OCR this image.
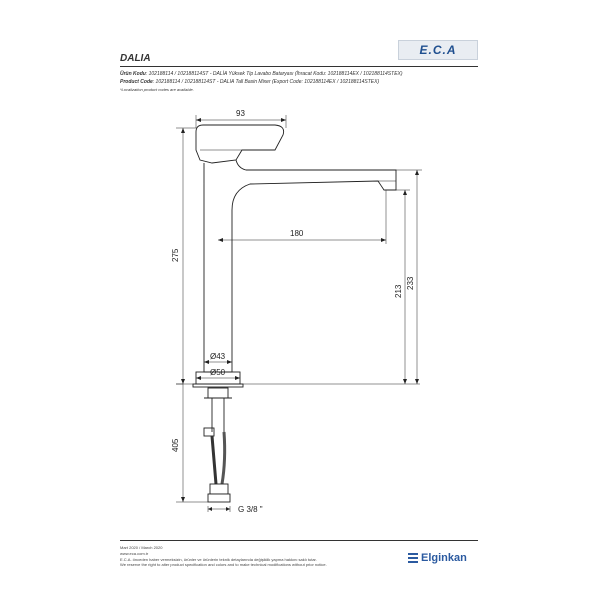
E.C.A
DALIA
Ürün Kodu: 102188114 / 102188114ST - DALİA Yüksek Tip Lavabo Bataryası (İhracat Kodu: 102188114EX / 102188114STEX)
Product Code: 102188114 / 102188114ST - DALIA Tall Basin Mixer (Export Code: 102188114EX / 102188114STEX)
*Localization product codes are available.
93
180
275
213
233
405
Ø43
Ø50
G 3/8 "
Mart 2020 / March 2020
www.eca.com.tr
E.C.A. önceden haber vermeksizin, ürünler ve ürünlerin teknik detaylarında değişiklik yapma hakkını saklı tutar.
We reserve the right to alter product specification and colors and to make technical modifications without prior notice.
Elginkan
